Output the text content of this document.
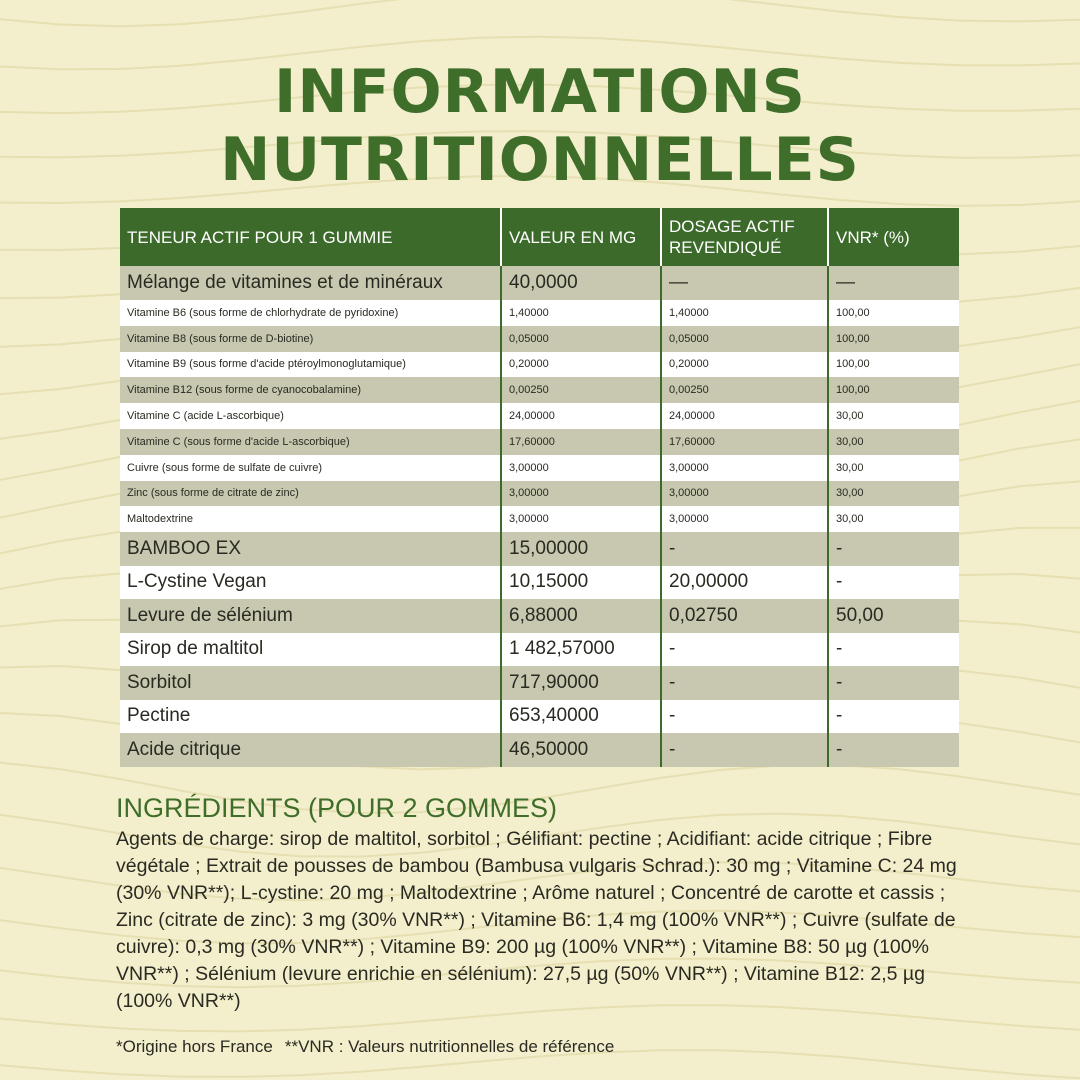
INFORMATIONS
NUTRITIONNELLES
TENEUR ACTIF POUR 1 GUMMIE	VALEUR EN MG	DOSAGE ACTIF REVENDIQUÉ	VNR* (%)
Mélange de vitamines et de minéraux	40,0000	—	—
Vitamine B6 (sous forme de chlorhydrate de pyridoxine)	1,40000	1,40000	100,00
Vitamine B8 (sous forme de D-biotine)	0,05000	0,05000	100,00
Vitamine B9 (sous forme d'acide ptéroylmonoglutamique)	0,20000	0,20000	100,00
Vitamine B12 (sous forme de cyanocobalamine)	0,00250	0,00250	100,00
Vitamine C (acide L-ascorbique)	24,00000	24,00000	30,00
Vitamine C (sous forme d'acide L-ascorbique)	17,60000	17,60000	30,00
Cuivre (sous forme de sulfate de cuivre)	3,00000	3,00000	30,00
Zinc (sous forme de citrate de zinc)	3,00000	3,00000	30,00
Maltodextrine	3,00000	3,00000	30,00
BAMBOO EX	15,00000	-	-
L-Cystine Vegan	10,15000	20,00000	-
Levure de sélénium	6,88000	0,02750	50,00
Sirop de maltitol	1 482,57000	-	-
Sorbitol	717,90000	-	-
Pectine	653,40000	-	-
Acide citrique	46,50000	-	-
INGRÉDIENTS (POUR 2 GOMMES)
Agents de charge: sirop de maltitol, sorbitol ; Gélifiant: pectine ; Acidifiant: acide citrique ; Fibre végétale ; Extrait de pousses de bambou (Bambusa vulgaris Schrad.): 30 mg ; Vitamine C: 24 mg (30% VNR**); L-cystine: 20 mg ; Maltodextrine ; Arôme naturel ; Concentré de carotte et cassis ; Zinc (citrate de zinc): 3 mg (30% VNR**) ; Vitamine B6: 1,4 mg (100% VNR**) ; Cuivre (sulfate de cuivre): 0,3 mg (30% VNR**) ; Vitamine B9: 200 µg (100% VNR**) ; Vitamine B8: 50 µg (100% VNR**) ; Sélénium (levure enrichie en sélénium): 27,5 µg (50% VNR**) ; Vitamine B12: 2,5 µg (100% VNR**)
*Origine hors France **VNR : Valeurs nutritionnelles de référence
